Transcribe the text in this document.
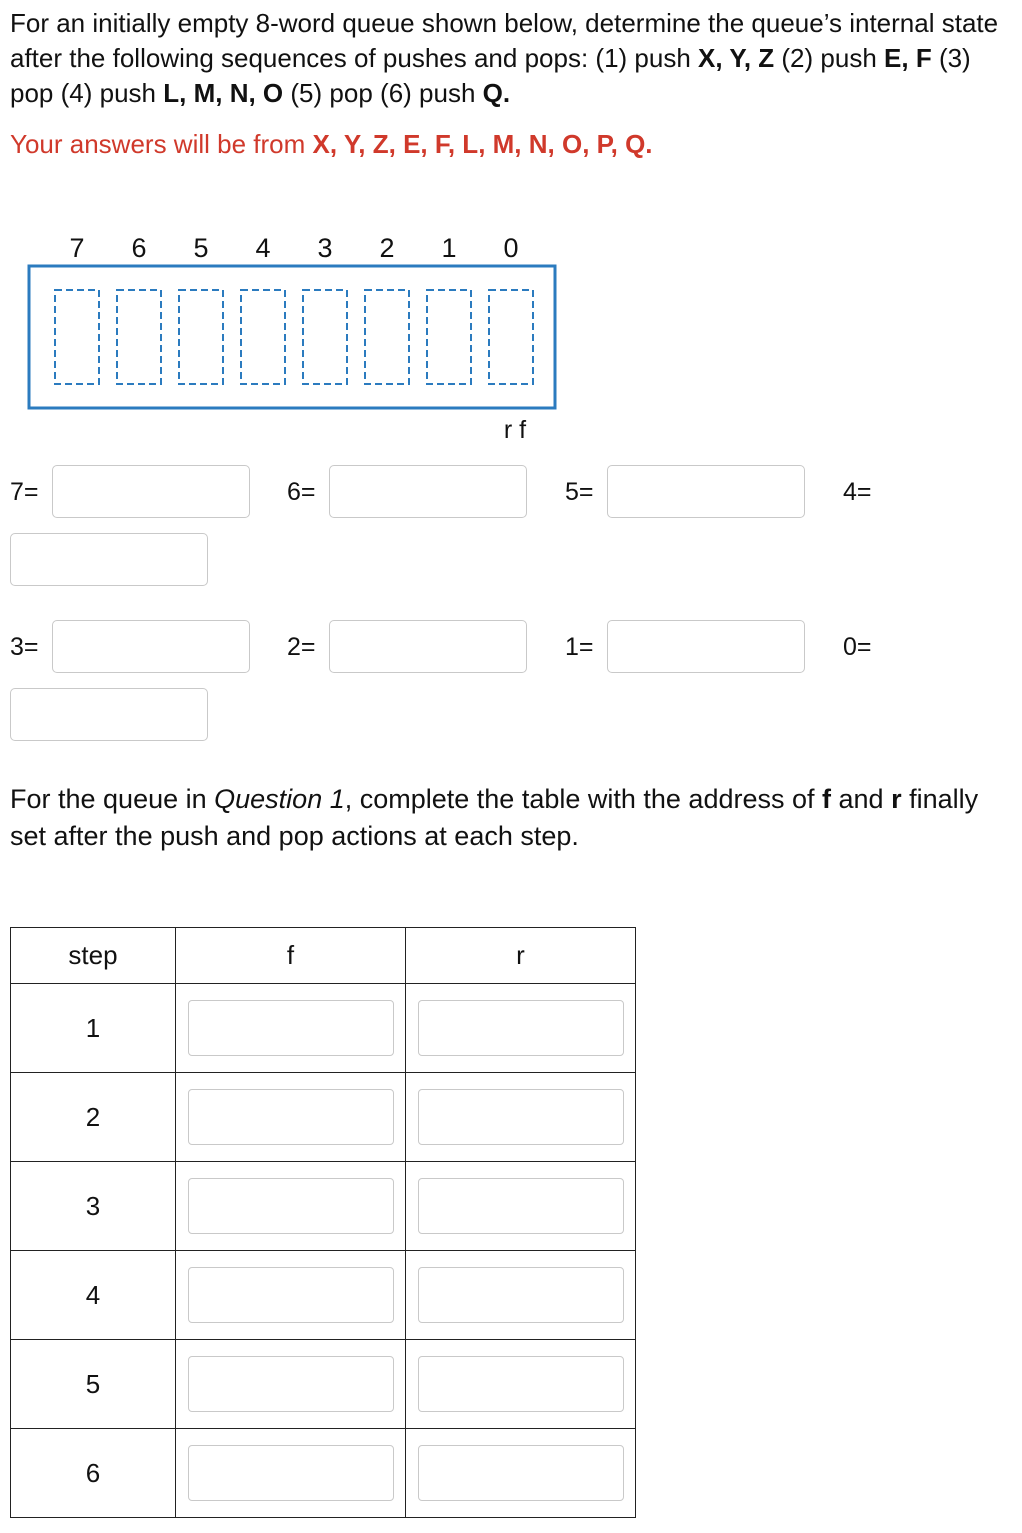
For an initially empty 8-word queue shown below, determine the queue’s internal state after the following sequences of pushes and pops: (1) push X, Y, Z (2) push E, F (3) pop (4) push L, M, N, O (5) pop (6) push Q.
Your answers will be from X, Y, Z, E, F, L, M, N, O, P, Q.
7 6 5 4 3 2 1 0
r f
7=	6=	5=	4=
3=	2=	1=	0=
For the queue in Question 1, complete the table with the address of f and r finally set after the push and pop actions at each step.
step	f	r
1		
2		
3		
4		
5		
6		
